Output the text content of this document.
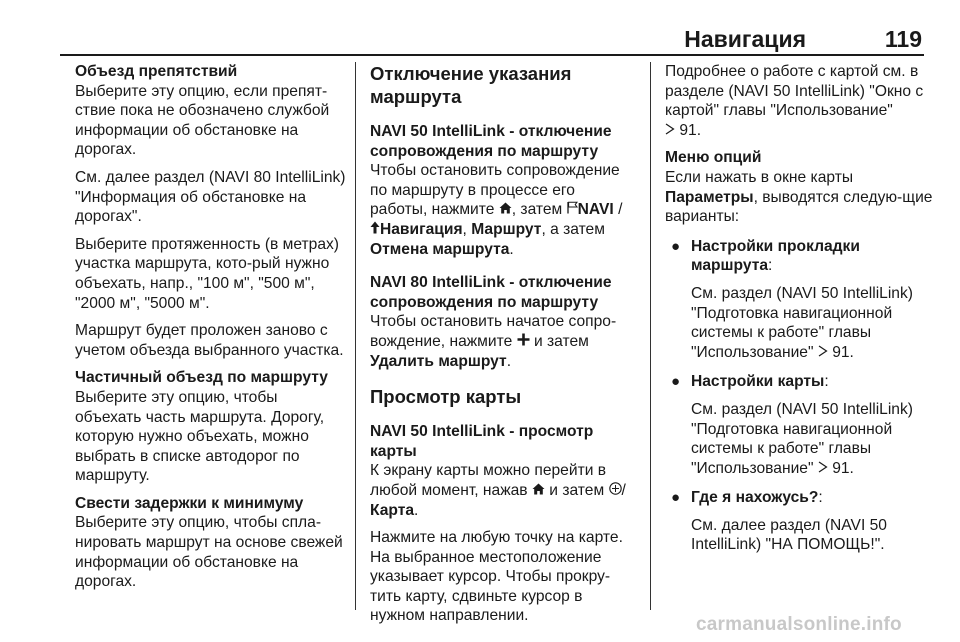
Навигация	119

Объезд препятствий
Выберите эту опцию, если препят-ствие пока не обозначено службой информации об обстановке на дорогах.

См. далее раздел (NAVI 80 IntelliLink) "Информация об обстановке на дорогах".

Выберите протяженность (в метрах) участка маршрута, кото-рый нужно объехать, напр., "100 м", "500 м", "2000 м", "5000 м".

Маршрут будет проложен заново с учетом объезда выбранного участка.

Частичный объезд по маршруту
Выберите эту опцию, чтобы объехать часть маршрута. Дорогу, которую нужно объехать, можно выбрать в списке автодорог по маршруту.

Свести задержки к минимуму
Выберите эту опцию, чтобы спла-нировать маршрут на основе свежей информации об обстановке на дорогах.

Отключение указания маршрута

NAVI 50 IntelliLink - отключение сопровождения по маршруту
Чтобы остановить сопровождение по маршруту в процессе его работы, нажмите , затем NAVI / Навигация, Маршрут, а затем Отмена маршрута.

NAVI 80 IntelliLink - отключение сопровождения по маршруту
Чтобы остановить начатое сопро-вождение, нажмите и затем Удалить маршрут.

Просмотр карты

NAVI 50 IntelliLink - просмотр карты
К экрану карты можно перейти в любой момент, нажав и затем / Карта.

Нажмите на любую точку на карте. На выбранное местоположение указывает курсор. Чтобы прокру-тить карту, сдвиньте курсор в нужном направлении.

Подробнее о работе с картой см. в разделе (NAVI 50 IntelliLink) "Окно с картой" главы "Использование"
91.

Меню опций
Если нажать в окне карты
Параметры, выводятся следую-щие варианты:

● Настройки прокладки маршрута:
См. раздел (NAVI 50 IntelliLink) "Подготовка навигационной системы к работе" главы "Использование" 91.
● Настройки карты:
См. раздел (NAVI 50 IntelliLink) "Подготовка навигационной системы к работе" главы "Использование" 91.
● Где я нахожусь?:
См. далее раздел (NAVI 50 IntelliLink) "НА ПОМОЩЬ!".
carmanualsonline.info
